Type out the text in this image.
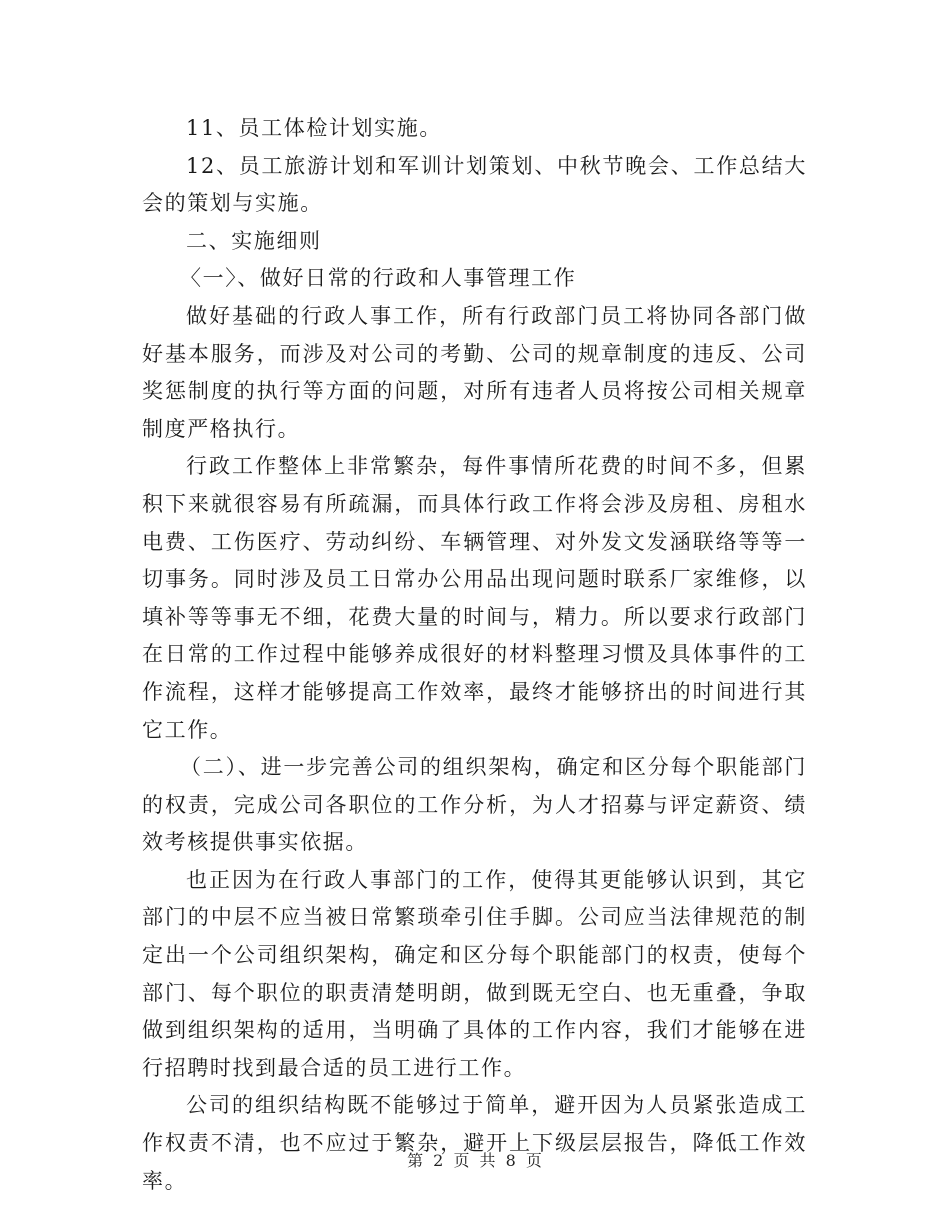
11、员工体检计划实施。

12、员工旅游计划和军训计划策划、中秋节晚会、工作总结大会的策划与实施。

二、实施细则

〈一〉、做好日常的行政和人事管理工作

做好基础的行政人事工作，所有行政部门员工将协同各部门做好基本服务，而涉及对公司的考勤、公司的规章制度的违反、公司奖惩制度的执行等方面的问题，对所有违者人员将按公司相关规章制度严格执行。

行政工作整体上非常繁杂，每件事情所花费的时间不多，但累积下来就很容易有所疏漏，而具体行政工作将会涉及房租、房租水电费、工伤医疗、劳动纠纷、车辆管理、对外发文发涵联络等等一切事务。同时涉及员工日常办公用品出现问题时联系厂家维修，以填补等等事无不细，花费大量的时间与，精力。所以要求行政部门在日常的工作过程中能够养成很好的材料整理习惯及具体事件的工作流程，这样才能够提高工作效率，最终才能够挤出的时间进行其它工作。

（二）、进一步完善公司的组织架构，确定和区分每个职能部门的权责，完成公司各职位的工作分析，为人才招募与评定薪资、绩效考核提供事实依据。

也正因为在行政人事部门的工作，使得其更能够认识到，其它部门的中层不应当被日常繁琐牵引住手脚。公司应当法律规范的制定出一个公司组织架构，确定和区分每个职能部门的权责，使每个部门、每个职位的职责清楚明朗，做到既无空白、也无重叠，争取做到组织架构的适用，当明确了具体的工作内容，我们才能够在进行招聘时找到最合适的员工进行工作。

公司的组织结构既不能够过于简单，避开因为人员紧张造成工作权责不清，也不应过于繁杂，避开上下级层层报告，降低工作效率。

第 2 页 共 8 页
